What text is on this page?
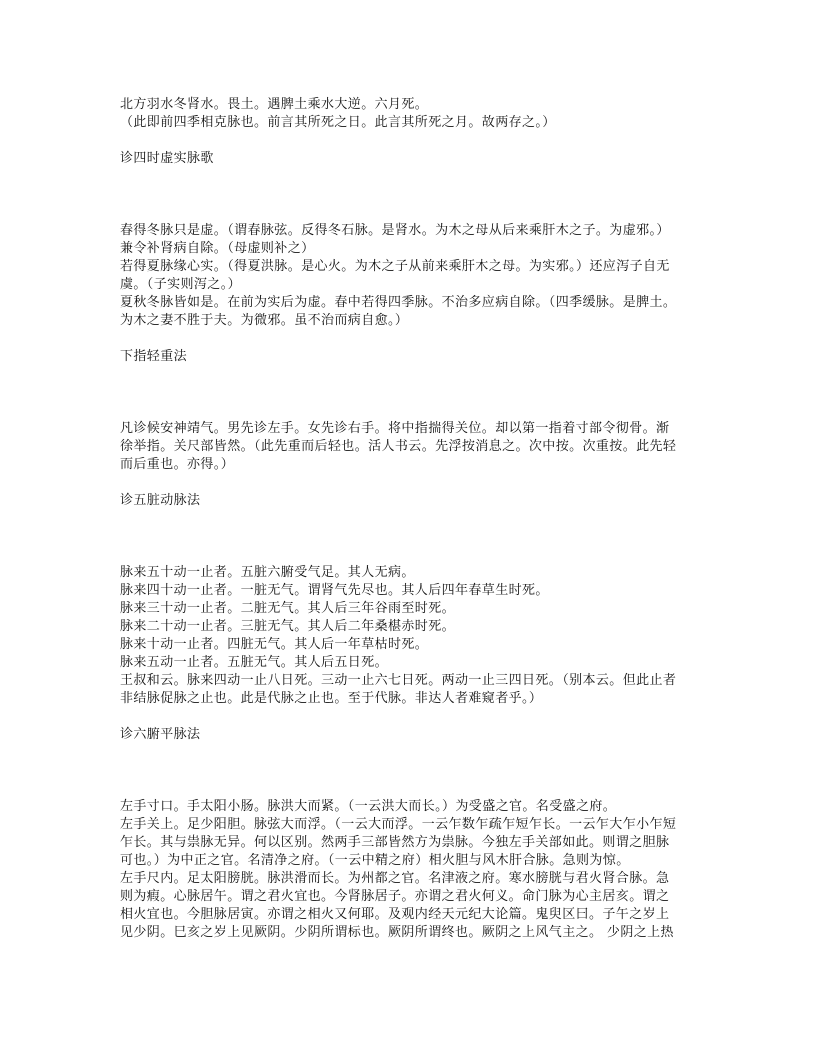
北方羽水冬肾水。畏土。遇脾土乘水大逆。六月死。
（此即前四季相克脉也。前言其所死之日。此言其所死之月。故两存之。）
诊四时虚实脉歌
春得冬脉只是虚。（谓春脉弦。反得冬石脉。是肾水。为木之母从后来乘肝木之子。为虚邪。）
兼令补肾病自除。（母虚则补之）
若得夏脉缘心实。（得夏洪脉。是心火。为木之子从前来乘肝木之母。为实邪。）还应泻子自无
虞。（子实则泻之。）
夏秋冬脉皆如是。在前为实后为虚。春中若得四季脉。不治多应病自除。（四季缓脉。是脾土。
为木之妻不胜于夫。为微邪。虽不治而病自愈。）
下指轻重法
凡诊候安神靖气。男先诊左手。女先诊右手。将中指揣得关位。却以第一指着寸部令彻骨。渐
徐举指。关尺部皆然。（此先重而后轻也。活人书云。先浮按消息之。次中按。次重按。此先轻
而后重也。亦得。）
诊五脏动脉法
脉来五十动一止者。五脏六腑受气足。其人无病。
脉来四十动一止者。一脏无气。谓肾气先尽也。其人后四年春草生时死。
脉来三十动一止者。二脏无气。其人后三年谷雨至时死。
脉来二十动一止者。三脏无气。其人后二年桑椹赤时死。
脉来十动一止者。四脏无气。其人后一年草枯时死。
脉来五动一止者。五脏无气。其人后五日死。
王叔和云。脉来四动一止八日死。三动一止六七日死。两动一止三四日死。（别本云。但此止者
非结脉促脉之止也。此是代脉之止也。至于代脉。非达人者难窥者乎。）
诊六腑平脉法
左手寸口。手太阳小肠。脉洪大而紧。（一云洪大而长。）为受盛之官。名受盛之府。
左手关上。足少阳胆。脉弦大而浮。（一云大而浮。一云乍数乍疏乍短乍长。一云乍大乍小乍短
乍长。其与祟脉无异。何以区别。然两手三部皆然方为祟脉。今独左手关部如此。则谓之胆脉
可也。）为中正之官。名清净之府。（一云中精之府）相火胆与风木肝合脉。急则为惊。
左手尺内。足太阳膀胱。脉洪滑而长。为州都之官。名津液之府。寒水膀胱与君火肾合脉。急
则为瘕。心脉居午。谓之君火宜也。今肾脉居子。亦谓之君火何义。命门脉为心主居亥。谓之
相火宜也。今胆脉居寅。亦谓之相火又何耶。及观内经天元纪大论篇。鬼臾区曰。子午之岁上
见少阴。巳亥之岁上见厥阴。少阴所谓标也。厥阴所谓终也。厥阴之上风气主之。 少阴之上热
